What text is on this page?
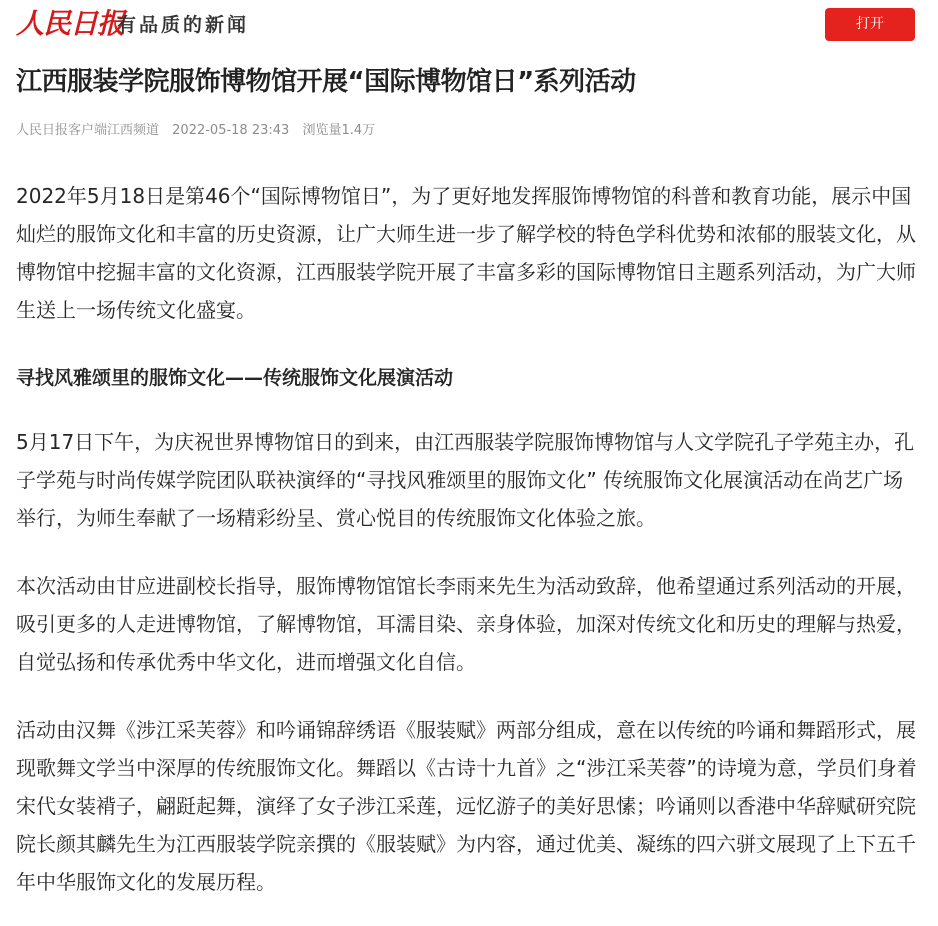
人民日报
有品质的新闻	打开
江西服装学院服饰博物馆开展“国际博物馆日”系列活动
人民日报客户端江西频道 2022-05-18 23:43 浏览量1.4万

2022年5月18日是第46个“国际博物馆日”，为了更好地发挥服饰博物馆的科普和教育功能，展示中国灿烂的服饰文化和丰富的历史资源，让广大师生进一步了解学校的特色学科优势和浓郁的服装文化，从博物馆中挖掘丰富的文化资源，江西服装学院开展了丰富多彩的国际博物馆日主题系列活动，为广大师生送上一场传统文化盛宴。

寻找风雅颂里的服饰文化——传统服饰文化展演活动

5月17日下午，为庆祝世界博物馆日的到来，由江西服装学院服饰博物馆与人文学院孔子学苑主办，孔子学苑与时尚传媒学院团队联袂演绎的“寻找风雅颂里的服饰文化” 传统服饰文化展演活动在尚艺广场举行，为师生奉献了一场精彩纷呈、赏心悦目的传统服饰文化体验之旅。

本次活动由甘应进副校长指导，服饰博物馆馆长李雨来先生为活动致辞，他希望通过系列活动的开展，吸引更多的人走进博物馆，了解博物馆，耳濡目染、亲身体验，加深对传统文化和历史的理解与热爱，自觉弘扬和传承优秀中华文化，进而增强文化自信。

活动由汉舞《涉江采芙蓉》和吟诵锦辞绣语《服装赋》两部分组成，意在以传统的吟诵和舞蹈形式，展现歌舞文学当中深厚的传统服饰文化。舞蹈以《古诗十九首》之“涉江采芙蓉”的诗境为意，学员们身着宋代女装褙子，翩跹起舞，演绎了女子涉江采莲，远忆游子的美好思愫；吟诵则以香港中华辞赋研究院院长颜其麟先生为江西服装学院亲撰的《服装赋》为内容，通过优美、凝练的四六骈文展现了上下五千年中华服饰文化的发展历程。
